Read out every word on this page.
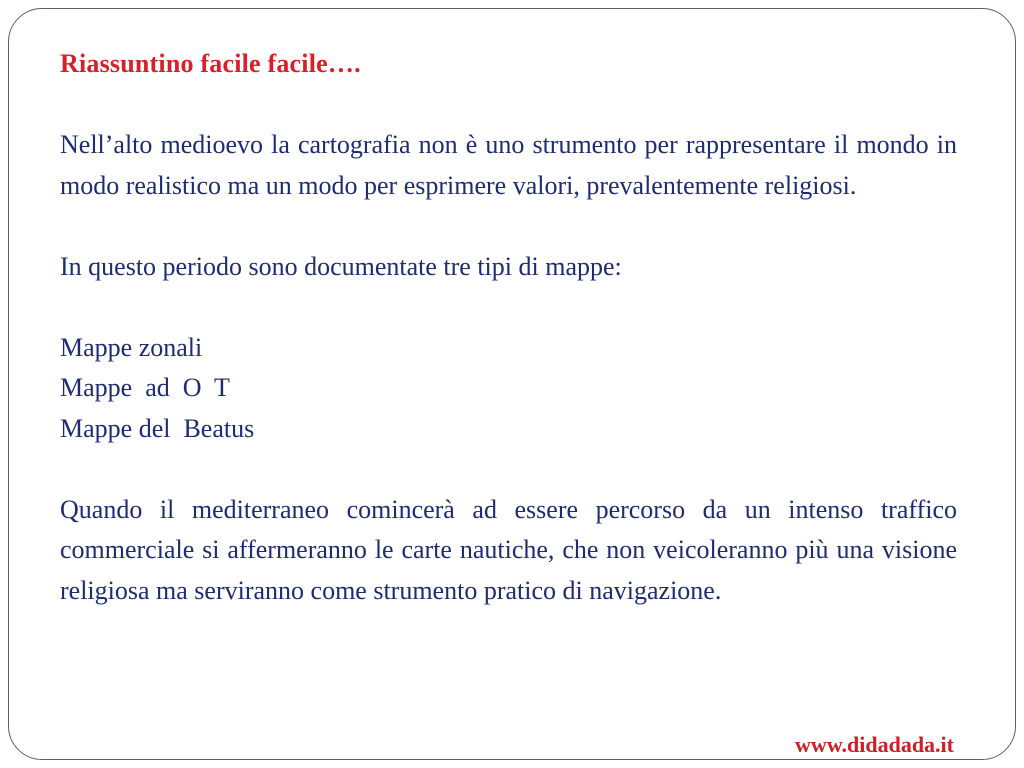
Riassuntino facile facile….

Nell’alto medioevo la cartografia non è uno strumento per rappresentare il mondo in modo realistico ma un modo per esprimere valori, prevalentemente religiosi.

In questo periodo sono documentate tre tipi di mappe:

Mappe zonali

Mappe  ad  O  T

Mappe del  Beatus

Quando il mediterraneo comincerà ad essere percorso da un intenso traffico commerciale si affermeranno le carte nautiche, che non veicoleranno più una visione religiosa ma serviranno come strumento pratico di navigazione.

www.didadada.it
